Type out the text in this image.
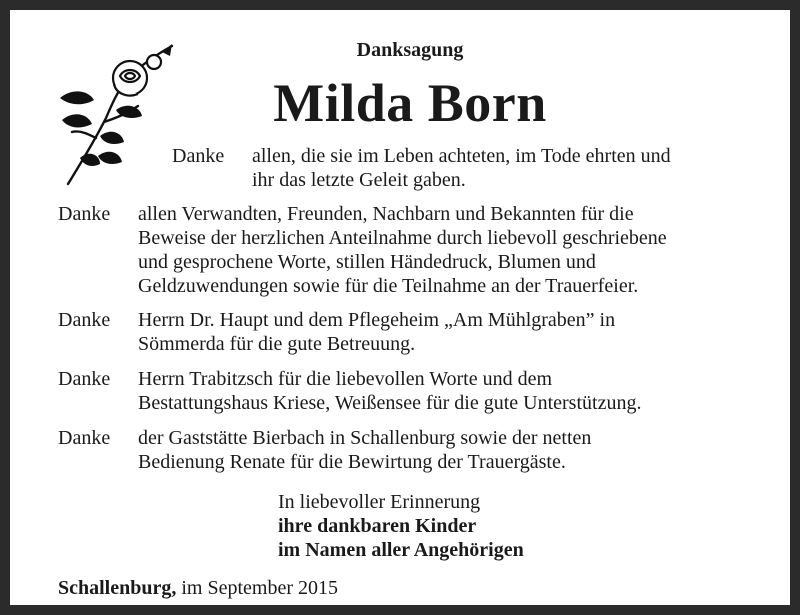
Danksagung
Milda Born
Danke allen, die sie im Leben achteten, im Tode ehrten und
ihr das letzte Geleit gaben.
Danke allen Verwandten, Freunden, Nachbarn und Bekannten für die
Beweise der herzlichen Anteilnahme durch liebevoll geschriebene
und gesprochene Worte, stillen Händedruck, Blumen und
Geldzuwendungen sowie für die Teilnahme an der Trauerfeier.
Danke Herrn Dr. Haupt und dem Pflegeheim „Am Mühlgraben” in
Sömmerda für die gute Betreuung.
Danke Herrn Trabitzsch für die liebevollen Worte und dem
Bestattungshaus Kriese, Weißensee für die gute Unterstützung.
Danke der Gaststätte Bierbach in Schallenburg sowie der netten
Bedienung Renate für die Bewirtung der Trauergäste.
In liebevoller Erinnerung
ihre dankbaren Kinder
im Namen aller Angehörigen
Schallenburg, im September 2015
